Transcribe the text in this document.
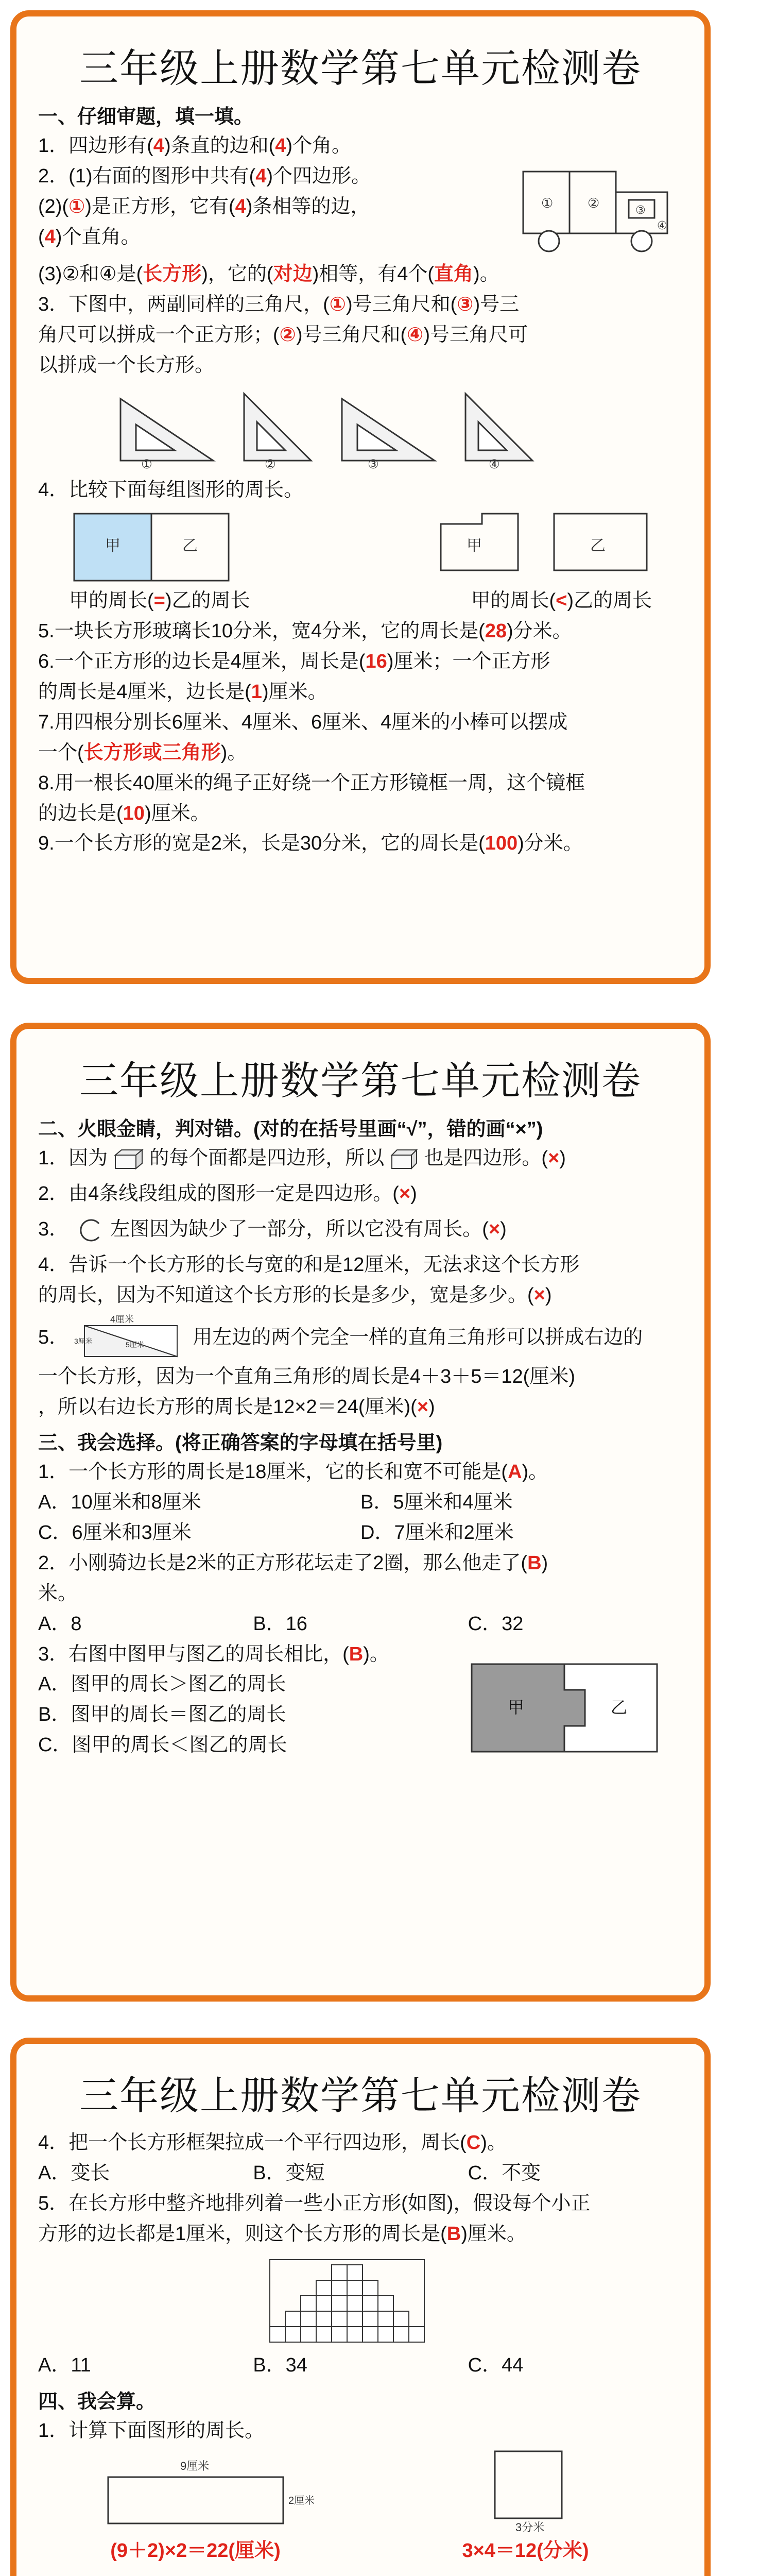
三年级上册数学第七单元检测卷
一、仔细审题，填一填。
1．四边形有(4)条直的边和(4)个角。
2．(1)右面的图形中共有(4)个四边形。
(2)(①)是正方形，它有(4)条相等的边，
(4)个直角。
①	②	③
④
(3)②和④是(长方形)，它的(对边)相等，有4个(直角)。
3．下图中，两副同样的三角尺，(①)号三角尺和(③)号三
角尺可以拼成一个正方形；(②)号三角尺和(④)号三角尺可
以拼成一个长方形。
①	②	③	④
4．比较下面每组图形的周长。
甲	乙	甲	乙
甲的周长(=)乙的周长	甲的周长(<)乙的周长
5.一块长方形玻璃长10分米，宽4分米，它的周长是(28)分米。
6.一个正方形的边长是4厘米，周长是(16)厘米；一个正方形
的周长是4厘米，边长是(1)厘米。
7.用四根分别长6厘米、4厘米、6厘米、4厘米的小棒可以摆成
一个(长方形或三角形)。
8.用一根长40厘米的绳子正好绕一个正方形镜框一周，这个镜框
的边长是(10)厘米。
9.一个长方形的宽是2米，长是30分米，它的周长是(100)分米。
三年级上册数学第七单元检测卷
二、火眼金睛，判对错。(对的在括号里画“√”，错的画“×”)
1．因为 的每个面都是四边形，所以 也是四边形。(×)
2．由4条线段组成的图形一定是四边形。(×)
3． 左图因为缺少了一部分，所以它没有周长。(×)
4．告诉一个长方形的长与宽的和是12厘米，无法求这个长方形
的周长，因为不知道这个长方形的长是多少，宽是多少。(×)
5．
4厘米
3厘米	5厘米 用左边的两个完全一样的直角三角形可以拼成右边的
一个长方形，因为一个直角三角形的周长是4＋3＋5＝12(厘米)
，所以右边长方形的周长是12×2＝24(厘米)(×)
三、我会选择。(将正确答案的字母填在括号里)
1．一个长方形的周长是18厘米，它的长和宽不可能是(A)。
A．10厘米和8厘米	B．5厘米和4厘米
C．6厘米和3厘米	D．7厘米和2厘米
2．小刚骑边长是2米的正方形花坛走了2圈，那么他走了(B)
米。
A．8	B．16	C．32
3．右图中图甲与图乙的周长相比，(B)。
A．图甲的周长＞图乙的周长
B．图甲的周长＝图乙的周长
C．图甲的周长＜图乙的周长
甲	乙
三年级上册数学第七单元检测卷
4．把一个长方形框架拉成一个平行四边形，周长(C)。
A．变长	B．变短	C．不变
5．在长方形中整齐地排列着一些小正方形(如图)，假设每个小正
方形的边长都是1厘米，则这个长方形的周长是(B)厘米。
A．11	B．34	C．44
四、我会算。
1．计算下面图形的周长。
9厘米
2厘米
(9＋2)×2＝22(厘米)
3分米
3×4＝12(分米)
